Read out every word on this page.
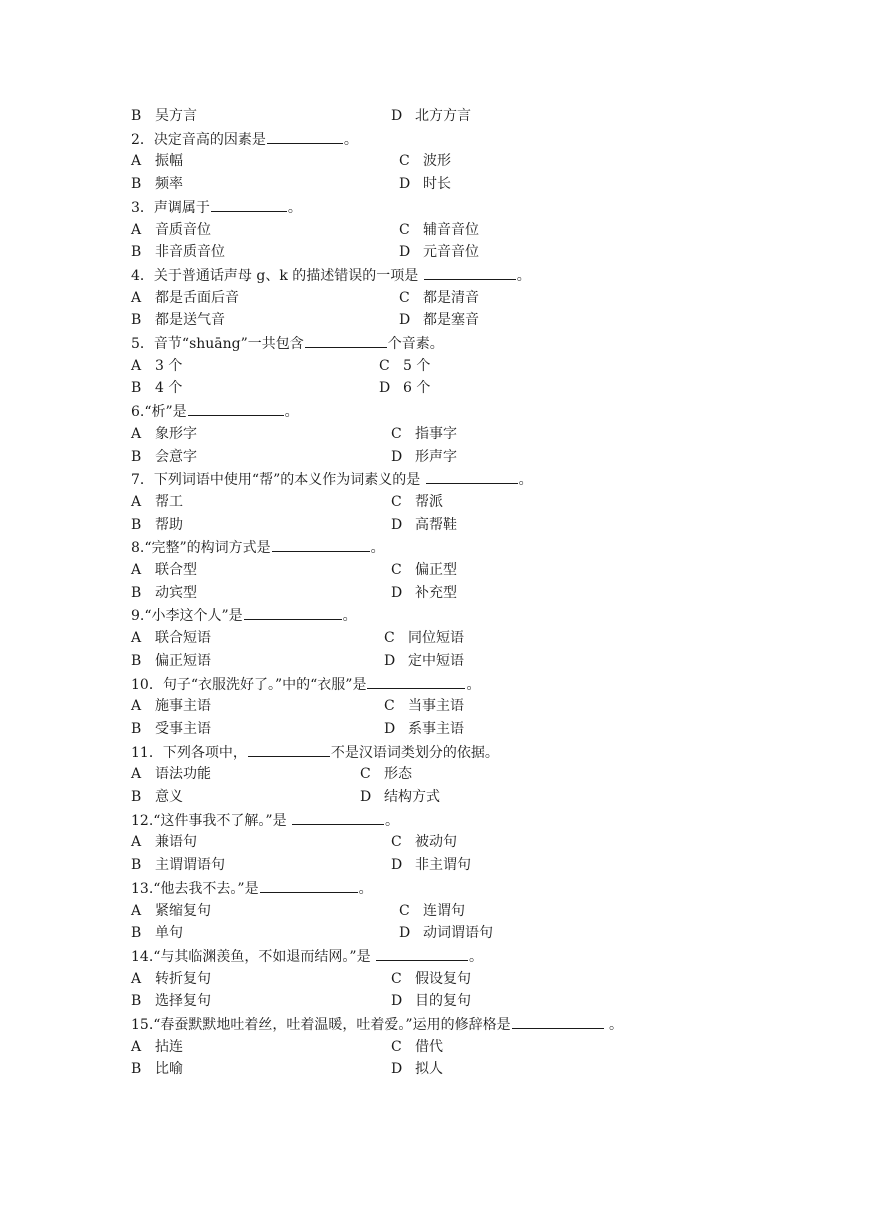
B 吴方言	D 北方方言
2．决定音高的因素是	。
A 振幅	C 波形
B 频率	D 时长
3．声调属于	。
A 音质音位	C 辅音音位
B 非音质音位	D 元音音位
4．关于普通话声母 g、k 的描述错误的一项是	。
A 都是舌面后音	C 都是清音
B 都是送气音	D 都是塞音
5．音节“shuāng”一共包含	个音素。
A 3 个	C 5 个
B 4 个	D 6 个
6.“析”是	。
A 象形字	C 指事字
B 会意字	D 形声字
7．下列词语中使用“帮”的本义作为词素义的是	。
A 帮工	C 帮派
B 帮助	D 高帮鞋
8.“完整”的构词方式是	。
A 联合型	C 偏正型
B 动宾型	D 补充型
9.“小李这个人”是	。
A 联合短语	C 同位短语
B 偏正短语	D 定中短语
10．句子“衣服洗好了。”中的“衣服”是	。
A 施事主语	C 当事主语
B 受事主语	D 系事主语
11．下列各项中，	不是汉语词类划分的依据。
A 语法功能	C 形态
B 意义	D 结构方式
12.“这件事我不了解。”是	。
A 兼语句	C 被动句
B 主谓谓语句	D 非主谓句
13.“他去我不去。”是	。
A 紧缩复句	C 连谓句
B 单句	D 动词谓语句
14.“与其临渊羡鱼，不如退而结网。”是	。
A 转折复句	C 假设复句
B 选择复句	D 目的复句
15.“春蚕默默地吐着丝，吐着温暖，吐着爱。”运用的修辞格是	。
A 拈连	C 借代
B 比喻	D 拟人
